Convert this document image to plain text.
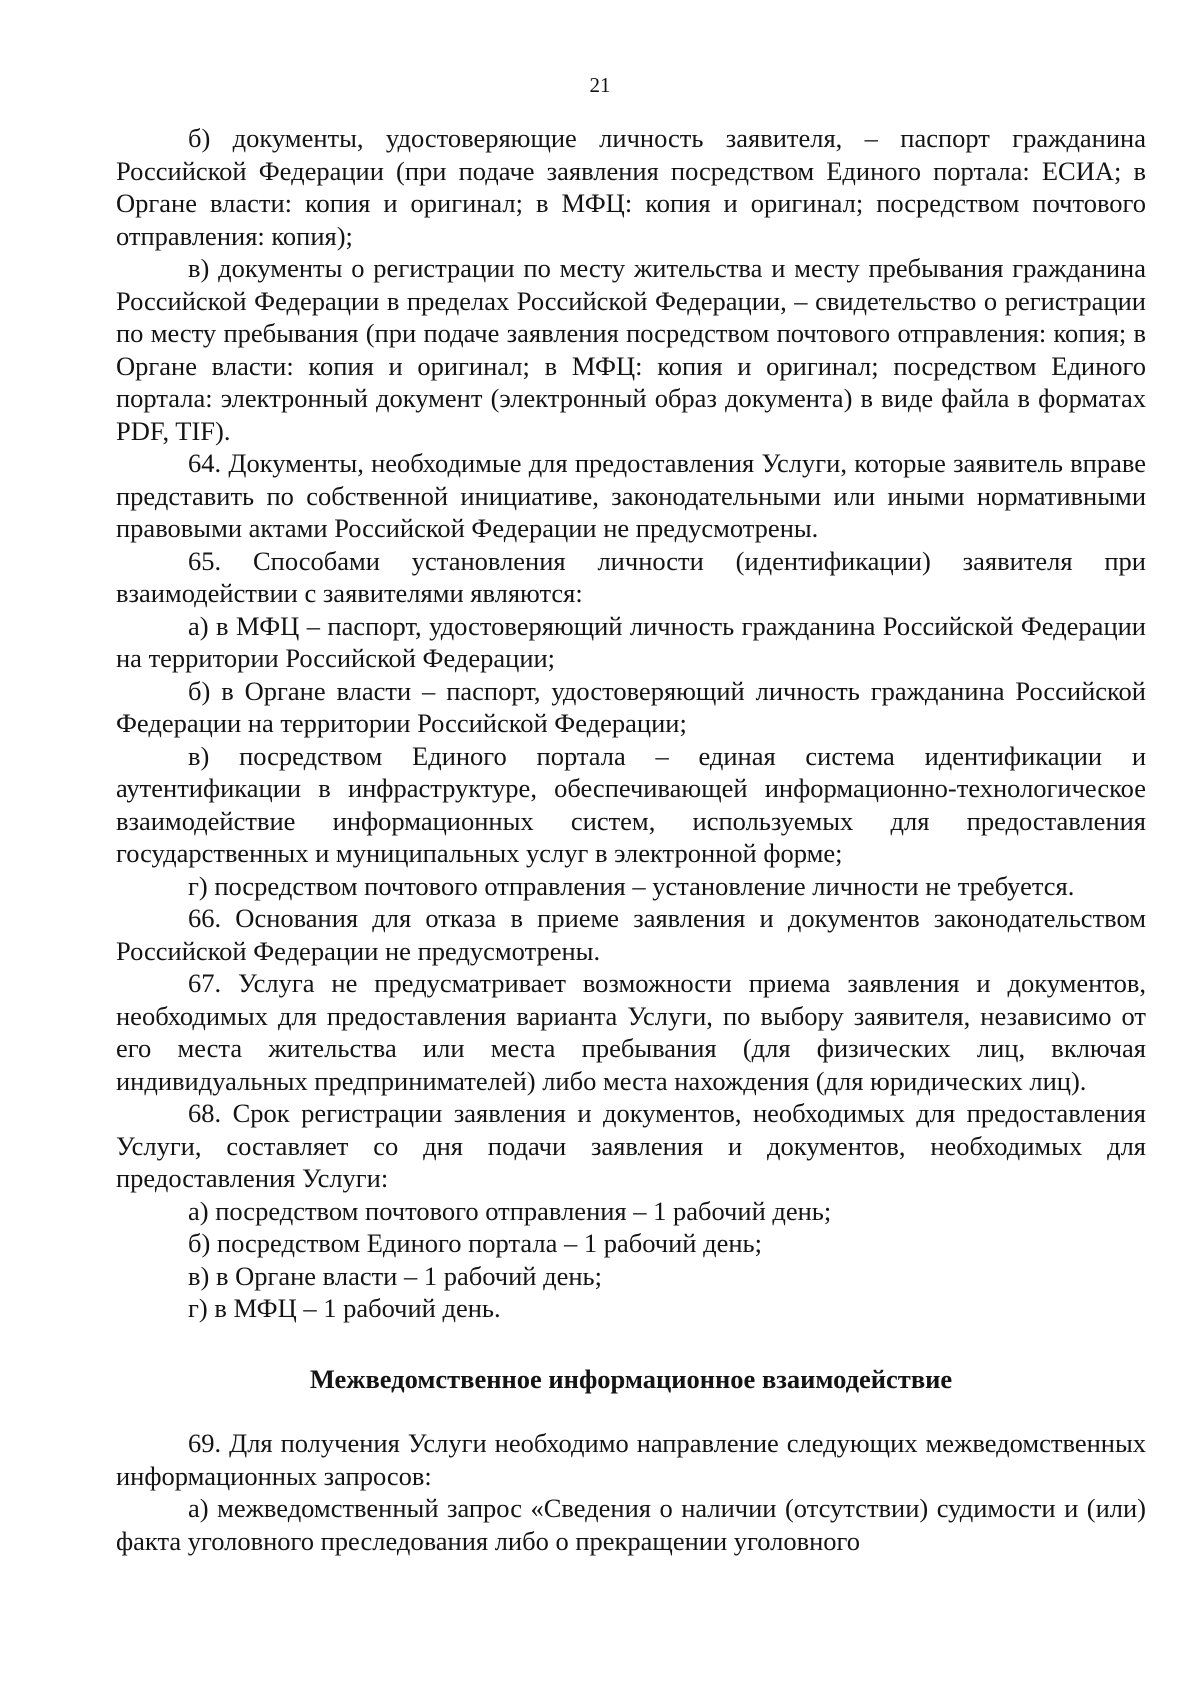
21

б) документы, удостоверяющие личность заявителя, – паспорт гражданина Российской Федерации (при подаче заявления посредством Единого портала: ЕСИА; в Органе власти: копия и оригинал; в МФЦ: копия и оригинал; посредством почтового отправления: копия);

в) документы о регистрации по месту жительства и месту пребывания гражданина Российской Федерации в пределах Российской Федерации, – свидетельство о регистрации по месту пребывания (при подаче заявления посредством почтового отправления: копия; в Органе власти: копия и оригинал; в МФЦ: копия и оригинал; посредством Единого портала: электронный документ (электронный образ документа) в виде файла в форматах PDF, TIF).

64. Документы, необходимые для предоставления Услуги, которые заявитель вправе представить по собственной инициативе, законодательными или иными нормативными правовыми актами Российской Федерации не предусмотрены.

65. Способами установления личности (идентификации) заявителя при взаимодействии с заявителями являются:

а) в МФЦ – паспорт, удостоверяющий личность гражданина Российской Федерации на территории Российской Федерации;

б) в Органе власти – паспорт, удостоверяющий личность гражданина Российской Федерации на территории Российской Федерации;

в) посредством Единого портала – единая система идентификации и аутентификации в инфраструктуре, обеспечивающей информационно-технологическое взаимодействие информационных систем, используемых для предоставления государственных и муниципальных услуг в электронной форме;

г) посредством почтового отправления – установление личности не требуется.

66. Основания для отказа в приеме заявления и документов законодательством Российской Федерации не предусмотрены.

67. Услуга не предусматривает возможности приема заявления и документов, необходимых для предоставления варианта Услуги, по выбору заявителя, независимо от его места жительства или места пребывания (для физических лиц, включая индивидуальных предпринимателей) либо места нахождения (для юридических лиц).

68. Срок регистрации заявления и документов, необходимых для предоставления Услуги, составляет со дня подачи заявления и документов, необходимых для предоставления Услуги:

а) посредством почтового отправления – 1 рабочий день;

б) посредством Единого портала – 1 рабочий день;

в) в Органе власти – 1 рабочий день;

г) в МФЦ – 1 рабочий день.

Межведомственное информационное взаимодействие

69. Для получения Услуги необходимо направление следующих межведомственных информационных запросов:

а) межведомственный запрос «Сведения о наличии (отсутствии) судимости и (или) факта уголовного преследования либо о прекращении уголовного
